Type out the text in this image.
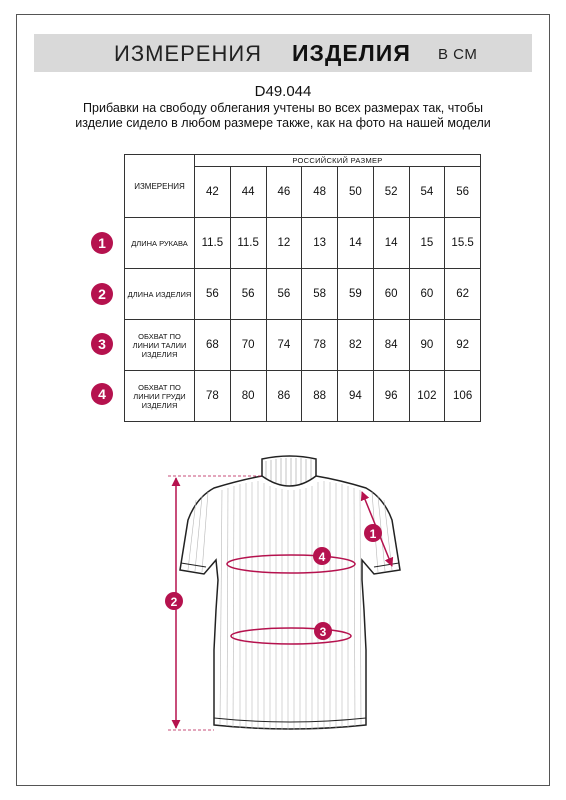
ИЗМЕРЕНИЯ ИЗДЕЛИЯ В СМ
D49.044
Прибавки на свободу облегания учтены во всех размерах так, чтобы изделие сидело в любом размере также, как на фото на нашей модели
ИЗМЕРЕНИЯ	РОССИЙСКИЙ РАЗМЕР							
	42	44	46	48	50	52	54	56
ДЛИНА РУКАВА	11.5	11.5	12	13	14	14	15	15.5
ДЛИНА ИЗДЕЛИЯ	56	56	56	58	59	60	60	62
ОБХВАТ ПО ЛИНИИ ТАЛИИ ИЗДЕЛИЯ	68	70	74	78	82	84	90	92
ОБХВАТ ПО ЛИНИИ ГРУДИ ИЗДЕЛИЯ	78	80	86	88	94	96	102	106
1
2
3
4
1
2
3
4
